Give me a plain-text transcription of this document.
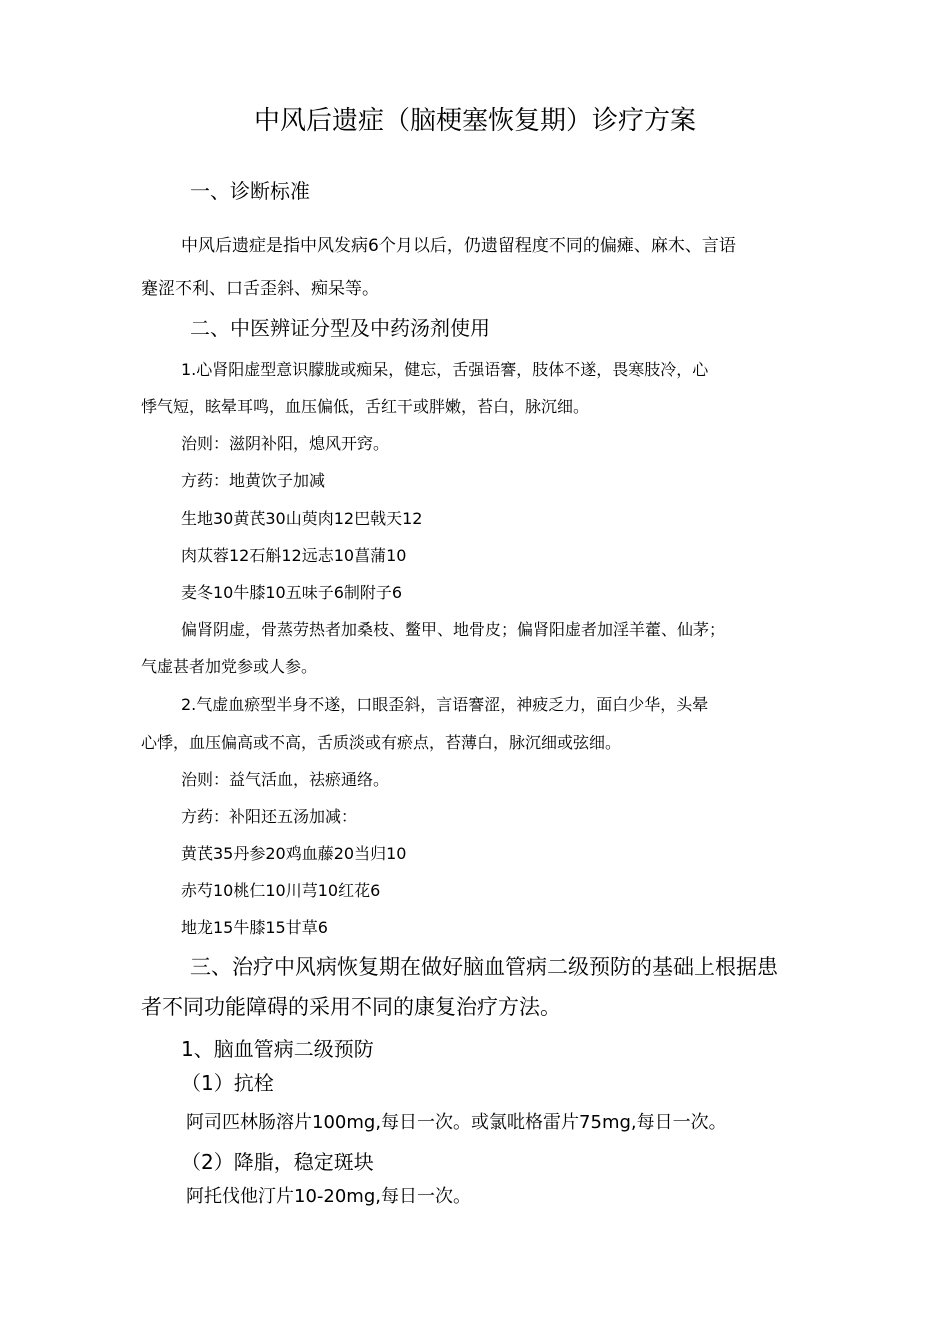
中风后遗症（脑梗塞恢复期）诊疗方案
一、诊断标准
中风后遗症是指中风发病6个月以后，仍遗留程度不同的偏瘫、麻木、言语
蹇涩不利、口舌歪斜、痴呆等。
二、中医辨证分型及中药汤剂使用
1.心肾阳虚型意识朦胧或痴呆，健忘，舌强语謇，肢体不遂，畏寒肢冷，心
悸气短，眩晕耳鸣，血压偏低，舌红干或胖嫩，苔白，脉沉细。
治则：滋阴补阳，熄风开窍。
方药：地黄饮子加减
生地30黄芪30山萸肉12巴戟天12
肉苁蓉12石斛12远志10菖蒲10
麦冬10牛膝10五味子6制附子6
偏肾阴虚，骨蒸劳热者加桑枝、鳖甲、地骨皮；偏肾阳虚者加淫羊藿、仙茅；
气虚甚者加党参或人参。
2.气虚血瘀型半身不遂，口眼歪斜，言语謇涩，神疲乏力，面白少华，头晕
心悸，血压偏高或不高，舌质淡或有瘀点，苔薄白，脉沉细或弦细。
治则：益气活血，祛瘀通络。
方药：补阳还五汤加减：
黄芪35丹参20鸡血藤20当归10
赤芍10桃仁10川芎10红花6
地龙15牛膝15甘草6
三、治疗中风病恢复期在做好脑血管病二级预防的基础上根据患
者不同功能障碍的采用不同的康复治疗方法。
1、脑血管病二级预防
（1）抗栓
阿司匹林肠溶片100mg,每日一次。或氯吡格雷片75mg,每日一次。
（2）降脂，稳定斑块
阿托伐他汀片10-20mg,每日一次。
